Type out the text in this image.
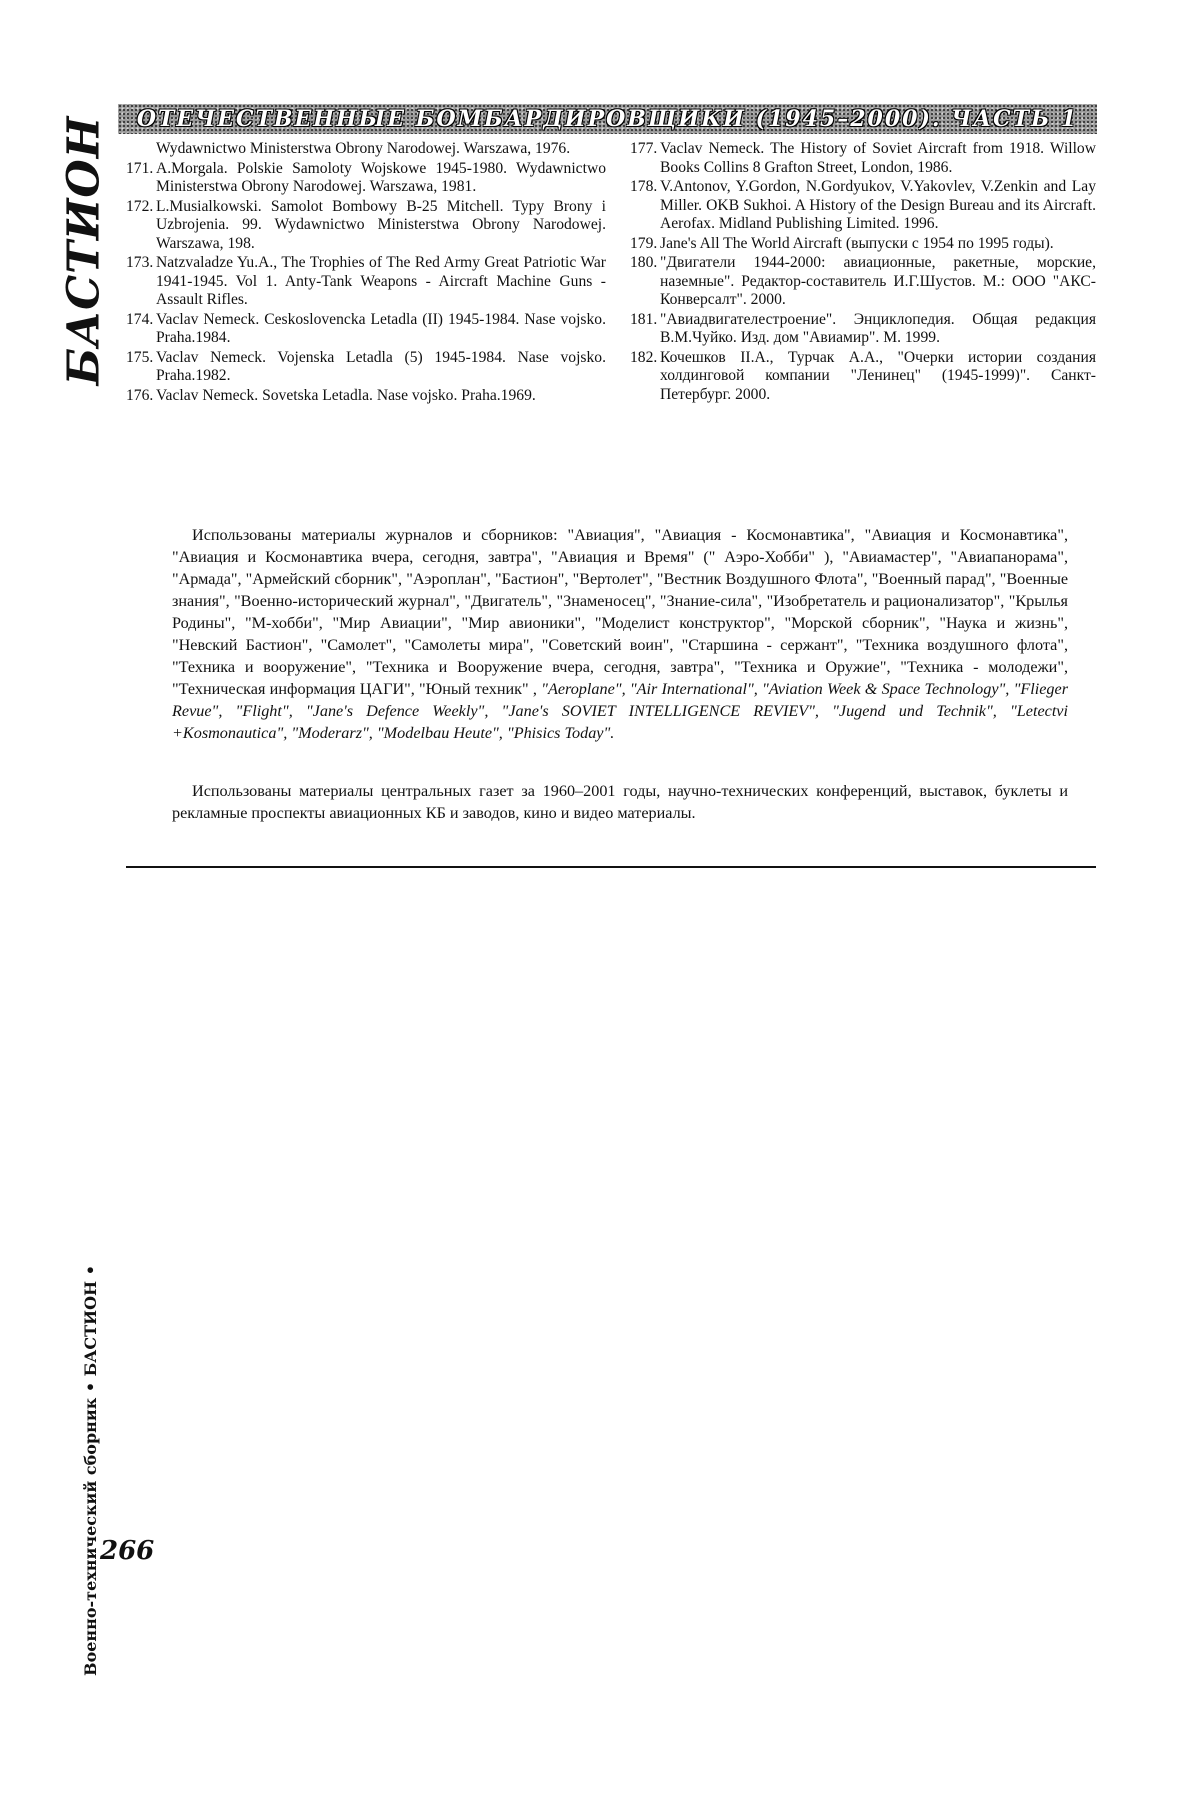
БАСТИОН ОТЕЧЕСТВЕННЫЕ БОМБАРДИРОВЩИКИ (1945–2000). ЧАСТЬ 1
Wydawnictwo Ministerstwa Obrony Narodowej. Warszawa, 1976.
171. A.Morgala. Polskie Samoloty Wojskowe 1945-1980. Wydawnictwo Ministerstwa Obrony Narodowej. Warszawa, 1981.
172. L.Musialkowski. Samolot Bombowy B-25 Mitchell. Typy Brony i Uzbrojenia. 99. Wydawnictwo Ministerstwa Obrony Narodowej. Warszawa, 198.
173. Natzvaladze Yu.A., The Trophies of The Red Army Great Patriotic War 1941-1945. Vol 1. Anty-Tank Weapons - Aircraft Machine Guns - Assault Rifles.
174. Vaclav Nemeck. Ceskoslovencka Letadla (II) 1945-1984. Nase vojsko. Praha.1984.
175. Vaclav Nemeck. Vojenska Letadla (5) 1945-1984. Nase vojsko. Praha.1982.
176. Vaclav Nemeck. Sovetska Letadla. Nase vojsko. Praha.1969.
177. Vaclav Nemeck. The History of Soviet Aircraft from 1918. Willow Books Collins 8 Grafton Street, London, 1986.
178. V.Antonov, Y.Gordon, N.Gordyukov, V.Yakovlev, V.Zenkin and Lay Miller. OKB Sukhoi. A History of the Design Bureau and its Aircraft. Aerofax. Midland Publishing Limited. 1996.
179. Jane's All The World Aircraft (выпуски с 1954 по 1995 годы).
180. "Двигатели 1944-2000: авиационные, ракетные, морские, наземные". Редактор-составитель И.Г.Шустов. М.: ООО "АКС-Конверсалт". 2000.
181. "Авиадвигателестроение". Энциклопедия. Общая редакция В.М.Чуйко. Изд. дом "Авиамир". М. 1999.
182. Кочешков II.А., Турчак А.А., "Очерки истории создания холдинговой компании "Ленинец" (1945-1999)". Санкт-Петербург. 2000.

Использованы материалы журналов и сборников: "Авиация", "Авиация - Космонавтика", "Авиация и Космонавтика", "Авиация и Космонавтика вчера, сегодня, завтра", "Авиация и Время" (" Аэро-Хобби" ), "Авиамастер", "Авиапанорама", "Армада", "Армейский сборник", "Аэроплан", "Бастион", "Вертолет", "Вестник Воздушного Флота", "Военный парад", "Военные знания", "Военно-исторический журнал", "Двигатель", "Знаменосец", "Знание-сила", "Изобретатель и рационализатор", "Крылья Родины", "М-хобби", "Мир Авиации", "Мир авионики", "Моделист конструктор", "Морской сборник", "Наука и жизнь", "Невский Бастион", "Самолет", "Самолеты мира", "Советский воин", "Старшина - сержант", "Техника воздушного флота", "Техника и вооружение", "Техника и Вооружение вчера, сегодня, завтра", "Техника и Оружие", "Техника - молодежи", "Техническая информация ЦАГИ", "Юный техник" , "Aeroplane", "Air International", "Aviation Week & Space Technology", "Flieger Revue", "Flight", "Jane's Defence Weekly", "Jane's SOVIET INTELLIGENCE REVIEV", "Jugend und Technik", "Letectvi +Kosmonautica", "Moderarz", "Modelbau Heute", "Phisics Today".

Использованы материалы центральных газет за 1960–2001 годы, научно-технических конференций, выставок, буклеты и рекламные проспекты авиационных КБ и заводов, кино и видео материалы.

Военно-технический сборник • БАСТИОН • 266
